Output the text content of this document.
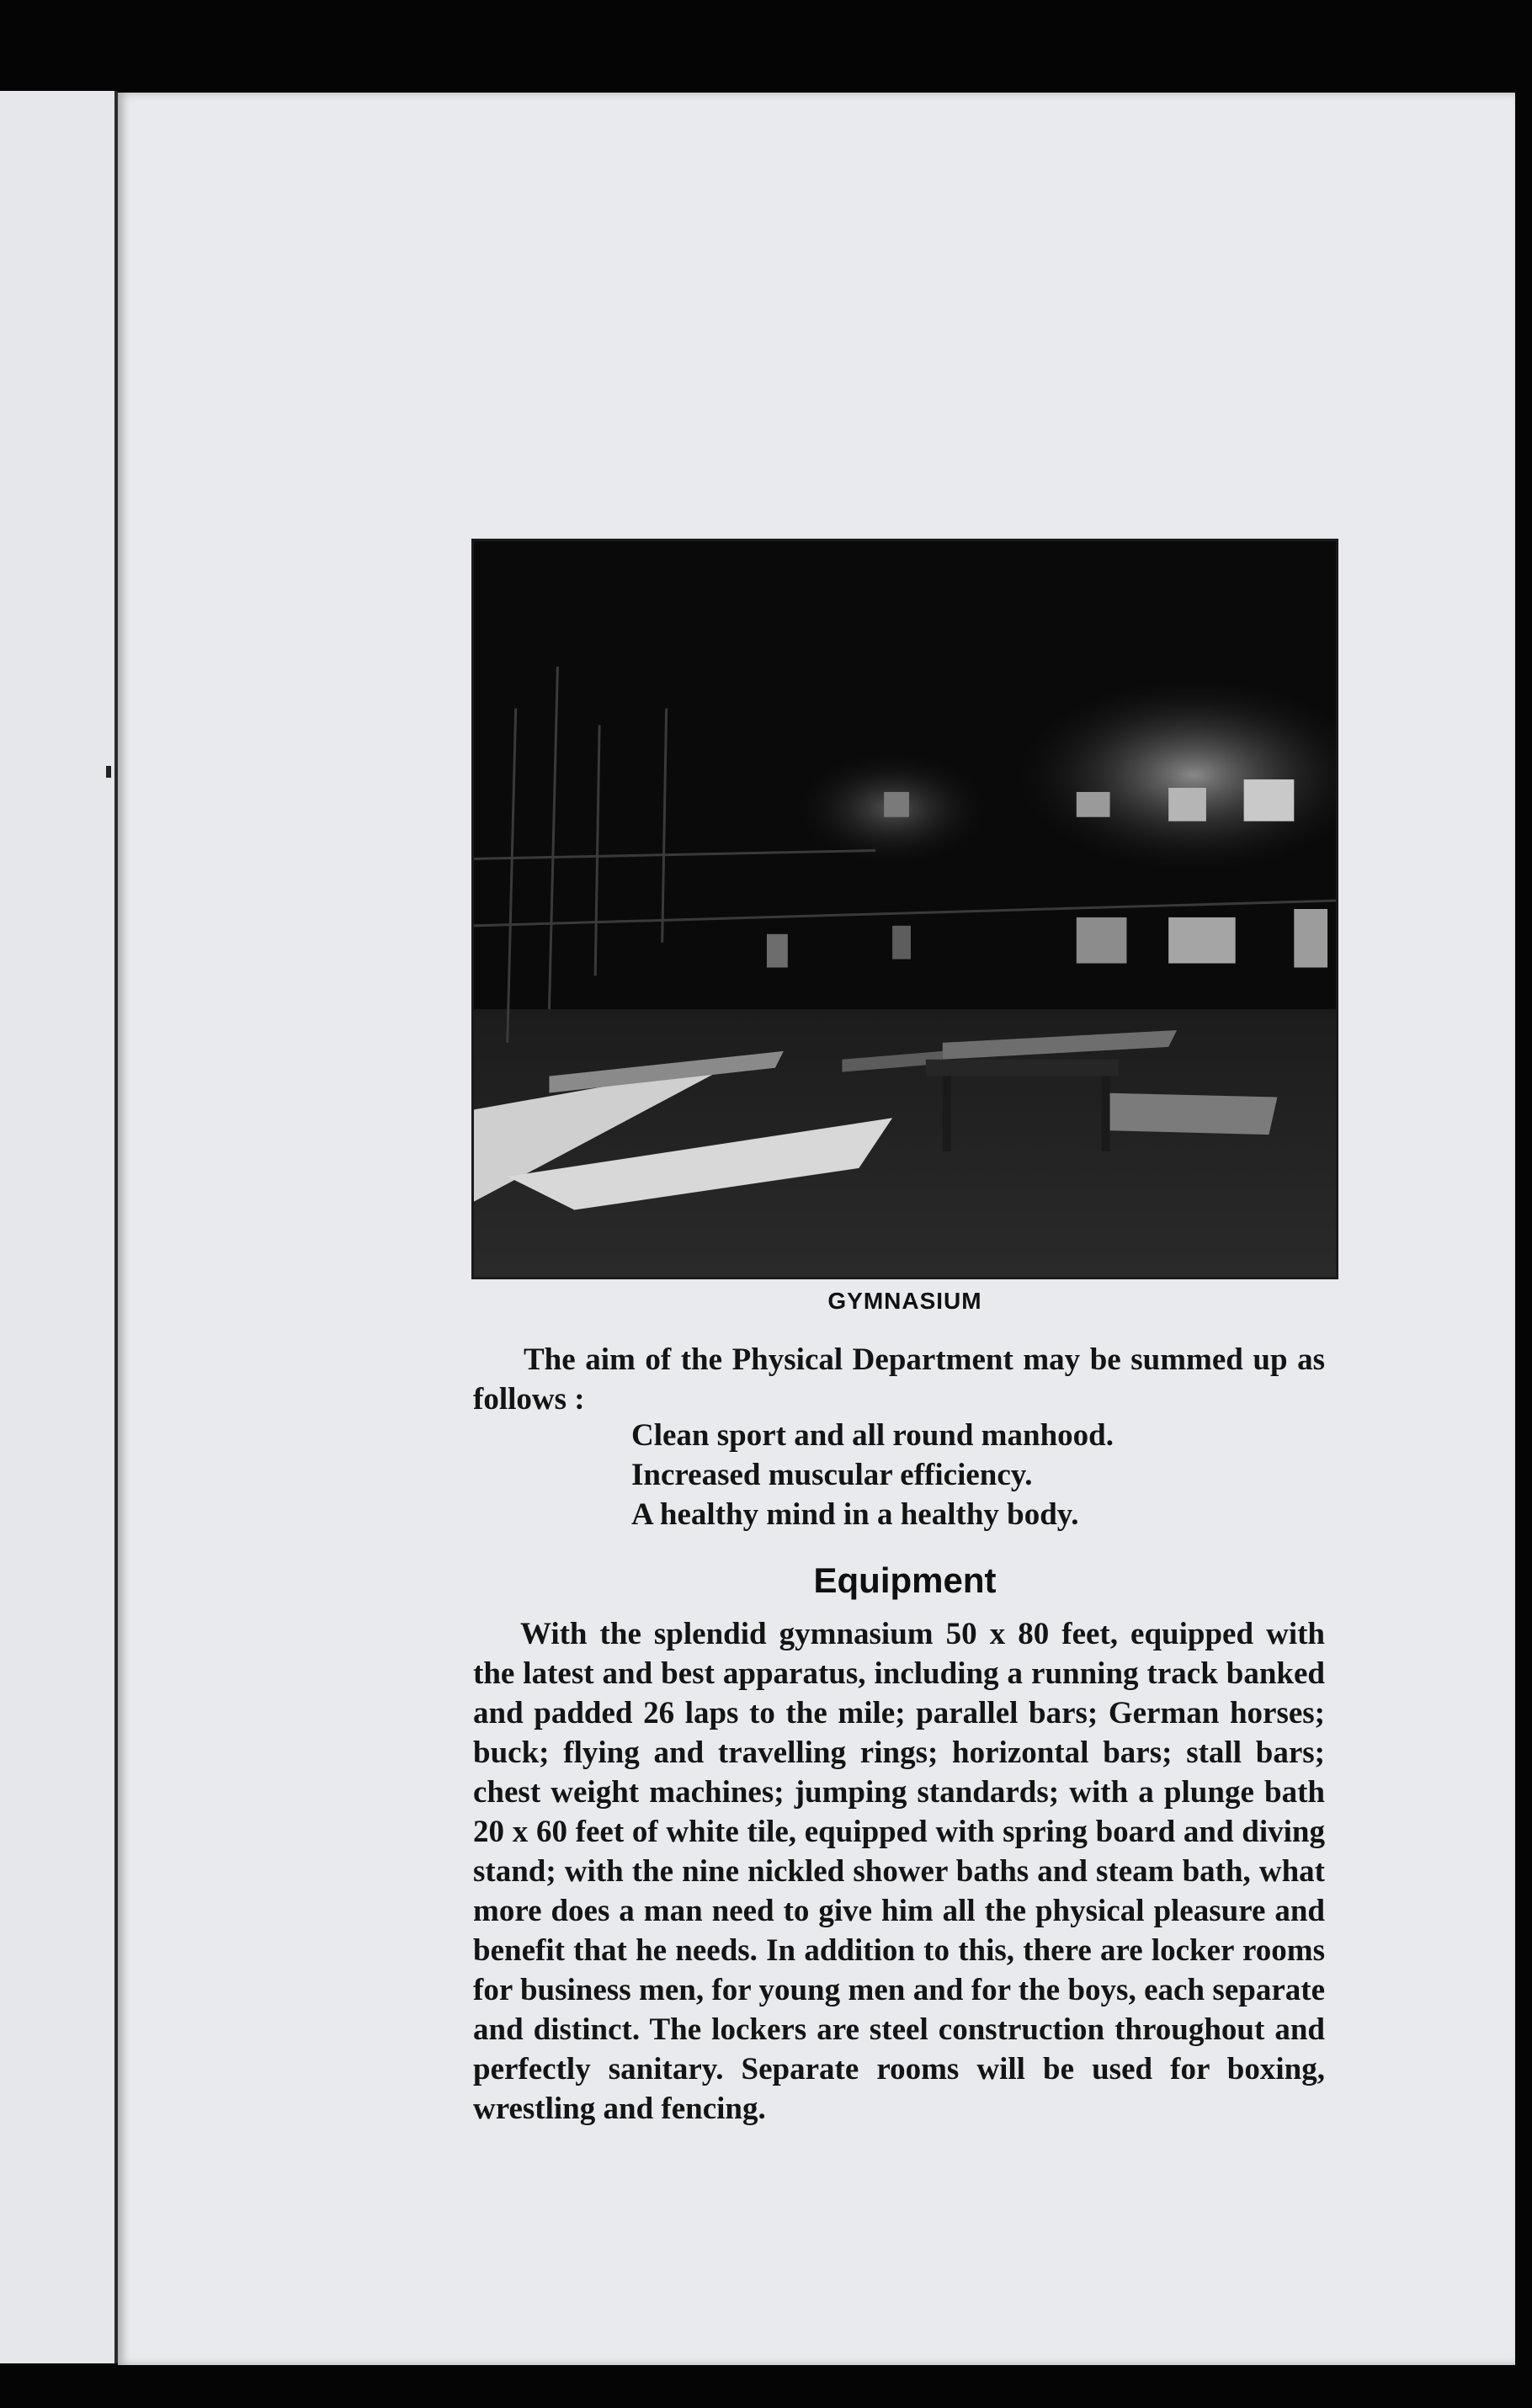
GYMNASIUM
The aim of the Physical Department may be summed up as follows :
Clean sport and all round manhood.
Increased muscular efficiency.
A healthy mind in a healthy body.
Equipment
With the splendid gymnasium 50 x 80 feet, equipped with the latest and best apparatus, including a running track banked and padded 26 laps to the mile; parallel bars; German horses; buck; flying and travelling rings; horizontal bars; stall bars; chest weight machines; jumping standards; with a plunge bath 20 x 60 feet of white tile, equipped with spring board and diving stand; with the nine nickled shower baths and steam bath, what more does a man need to give him all the physical pleasure and benefit that he needs. In addition to this, there are locker rooms for business men, for young men and for the boys, each separate and distinct. The lockers are steel construction throughout and perfectly sanitary. Separate rooms will be used for boxing, wrestling and fencing.
